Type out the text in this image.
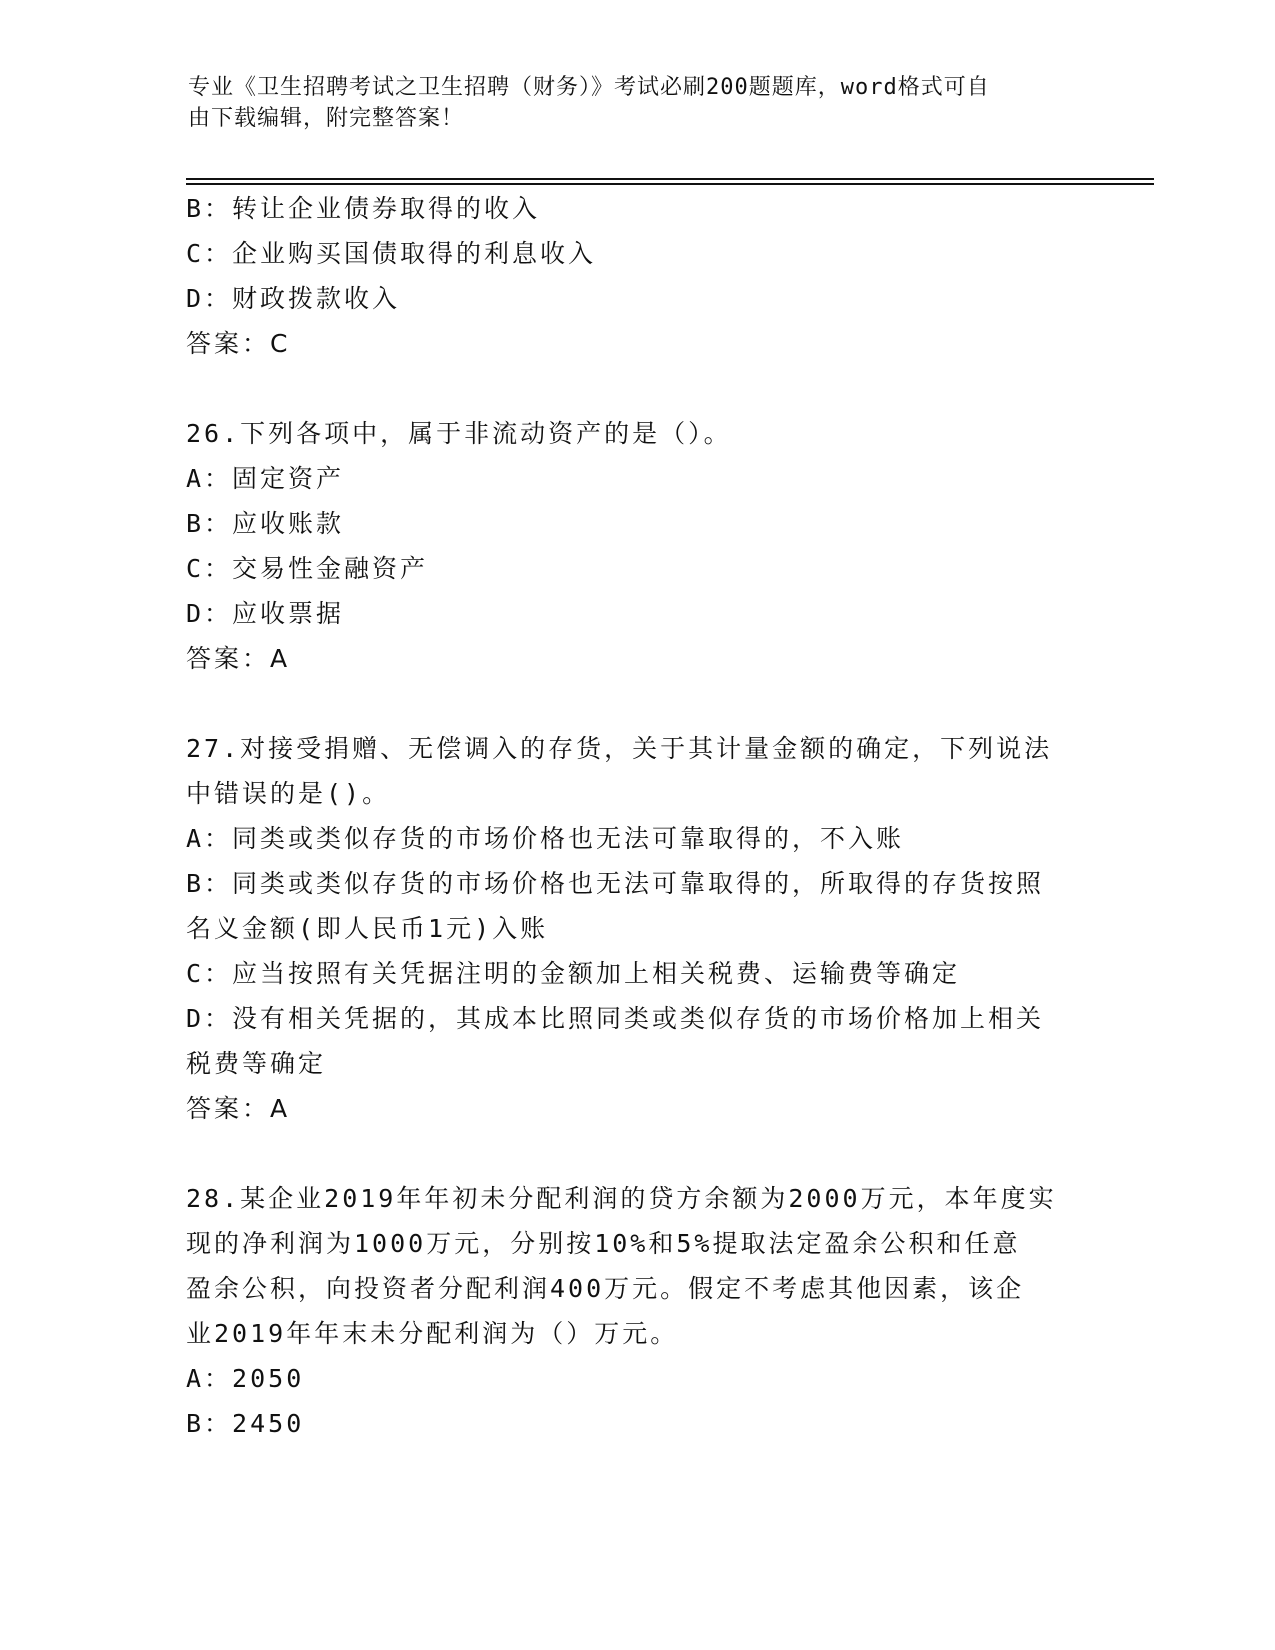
专业《卫生招聘考试之卫生招聘（财务）》考试必刷200题题库，word格式可自
由下载编辑，附完整答案！
B：转让企业债券取得的收入
C：企业购买国债取得的利息收入
D：财政拨款收入
答案：C
26.下列各项中，属于非流动资产的是（）。
A：固定资产
B：应收账款
C：交易性金融资产
D：应收票据
答案：A
27.对接受捐赠、无偿调入的存货，关于其计量金额的确定，下列说法
中错误的是()。
A：同类或类似存货的市场价格也无法可靠取得的，不入账
B：同类或类似存货的市场价格也无法可靠取得的，所取得的存货按照
名义金额(即人民币1元)入账
C：应当按照有关凭据注明的金额加上相关税费、运输费等确定
D：没有相关凭据的，其成本比照同类或类似存货的市场价格加上相关
税费等确定
答案：A
28.某企业2019年年初未分配利润的贷方余额为2000万元，本年度实
现的净利润为1000万元，分别按10%和5%提取法定盈余公积和任意
盈余公积，向投资者分配利润400万元。假定不考虑其他因素，该企
业2019年年末未分配利润为（）万元。
A：2050
B：2450
